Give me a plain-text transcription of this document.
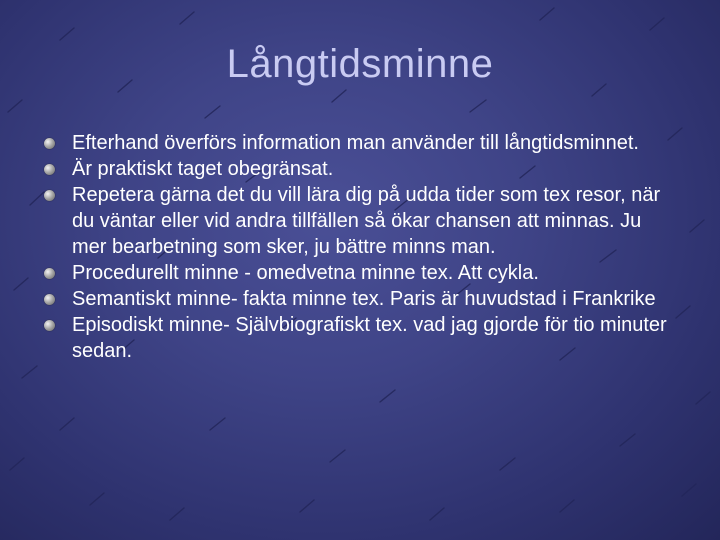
Långtidsminne
Efterhand överförs information man använder till långtidsminnet.
Är praktiskt taget obegränsat.
Repetera gärna det du vill lära dig på udda tider som tex resor, när du väntar eller vid andra tillfällen så ökar chansen att minnas. Ju mer bearbetning som sker, ju bättre minns man.
Procedurellt minne - omedvetna minne tex. Att cykla.
Semantiskt minne- fakta minne tex. Paris är huvudstad i Frankrike
Episodiskt minne- Självbiografiskt tex. vad jag gjorde för tio minuter sedan.
